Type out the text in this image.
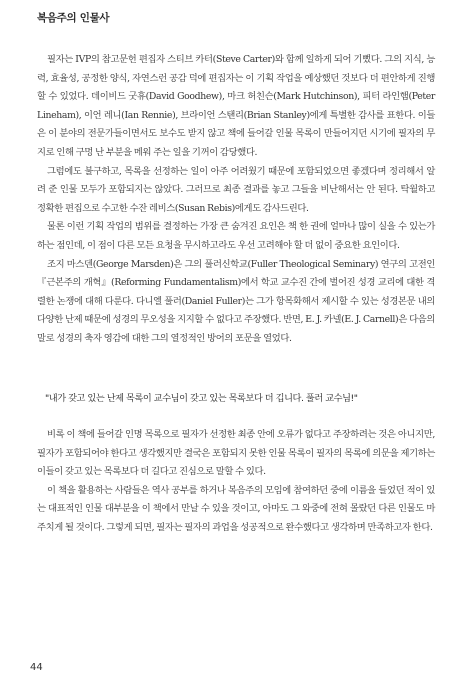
복음주의 인물사

필자는 IVP의 참고문헌 편집자 스티브 카터(Steve Carter)와 함께 일하게 되어 기뻤다. 그의 지식, 능력, 효율성, 공정한 양식, 자연스런 공감 덕에 편집자는 이 기획 작업을 예상했던 것보다 더 편안하게 진행할 수 있었다. 데이비드 굿휴(David Goodhew), 마크 허친슨(Mark Hutchinson), 피터 라인햄(Peter Lineham), 이언 레니(Ian Rennie), 브라이언 스탠리(Brian Stanley)에게 특별한 감사를 표한다. 이들은 이 분야의 전문가들이면서도 보수도 받지 않고 책에 들어갈 인물 목록이 만들어지던 시기에 필자의 무지로 인해 구멍 난 부분을 메워 주는 일을 기꺼이 감당했다.

그럼에도 불구하고, 목록을 선정하는 일이 아주 어려웠기 때문에 포함되었으면 좋겠다며 정리해서 알려 준 인물 모두가 포함되지는 않았다. 그러므로 최종 결과를 놓고 그들을 비난해서는 안 된다. 탁월하고 정확한 편집으로 수고한 수잔 레비스(Susan Rebis)에게도 감사드린다.

물론 이런 기획 작업의 범위를 결정하는 가장 큰 숨겨진 요인은 책 한 권에 얼마나 많이 실을 수 있는가 하는 점인데, 이 점이 다른 모든 요청을 무시하고라도 우선 고려해야 할 더 없이 중요한 요인이다.

조지 마스덴(George Marsden)은 그의 풀러신학교(Fuller Theological Seminary) 연구의 고전인 『근본주의 개혁』(Reforming Fundamentalism)에서 학교 교수진 간에 벌어진 성경 교리에 대한 격렬한 논쟁에 대해 다룬다. 다니엘 풀러(Daniel Fuller)는 그가 항목화해서 제시할 수 있는 성경본문 내의 다양한 난제 때문에 성경의 무오성을 지지할 수 없다고 주장했다. 반면, E. J. 카넬(E. J. Carnell)은 다음의 말로 성경의 축자 영감에 대한 그의 열정적인 방어의 포문을 열었다.

"내가 갖고 있는 난제 목록이 교수님이 갖고 있는 목록보다 더 깁니다. 풀러 교수님!"

비록 이 책에 들어갈 인명 목록으로 필자가 선정한 최종 안에 오류가 없다고 주장하려는 것은 아니지만, 필자가 포함되어야 한다고 생각했지만 결국은 포함되지 못한 인물 목록이 필자의 목록에 의문을 제기하는 이들이 갖고 있는 목록보다 더 길다고 진심으로 말할 수 있다.

이 책을 활용하는 사람들은 역사 공부를 하거나 복음주의 모임에 참여하던 중에 이름을 들었던 적이 있는 대표적인 인물 대부분을 이 책에서 만날 수 있을 것이고, 아마도 그 와중에 전혀 몰랐던 다른 인물도 마주치게 될 것이다. 그렇게 되면, 필자는 필자의 과업을 성공적으로 완수했다고 생각하며 만족하고자 한다.

44
